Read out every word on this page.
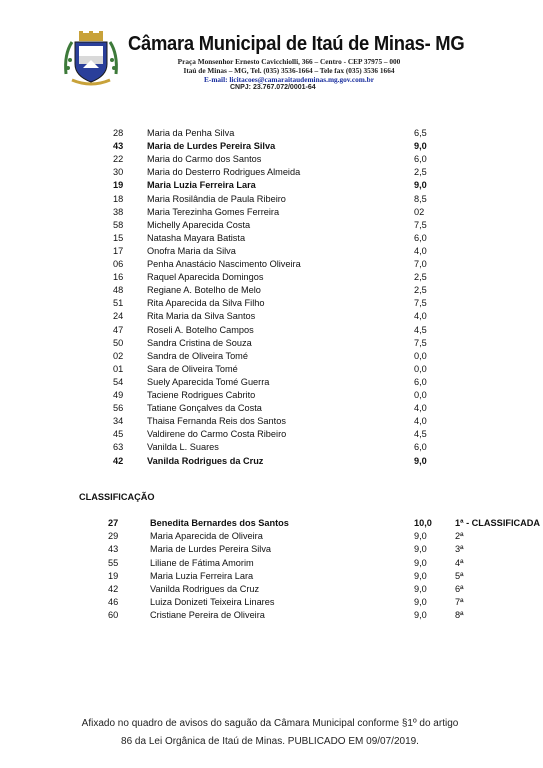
Câmara Municipal de Itaú de Minas- MG
Praça Monsenhor Ernesto Cavicchiolli, 366 – Centro - CEP 37975 – 000
Itaú de Minas – MG, Tel. (035) 3536-1664 – Tele fax (035) 3536 1664
E-mail: licitacoes@camaraitaudeminas.mg.gov.com.br
CNPJ: 23.767.072/0001-64
28	Maria da Penha Silva	6,5
43	Maria de Lurdes Pereira Silva	9,0
22	Maria do Carmo dos Santos	6,0
30	Maria do Desterro Rodrigues Almeida	2,5
19	Maria Luzia Ferreira Lara	9,0
18	Maria Rosilândia de Paula Ribeiro	8,5
38	Maria Terezinha Gomes Ferreira	02
58	Michelly Aparecida Costa	7,5
15	Natasha Mayara Batista	6,0
17	Onofra Maria da Silva	4,0
06	Penha Anastácio Nascimento Oliveira	7,0
16	Raquel Aparecida Domingos	2,5
48	Regiane A. Botelho de Melo	2,5
51	Rita Aparecida da Silva Filho	7,5
24	Rita Maria da Silva Santos	4,0
47	Roseli A. Botelho Campos	4,5
50	Sandra Cristina de Souza	7,5
02	Sandra de Oliveira Tomé	0,0
01	Sara de Oliveira Tomé	0,0
54	Suely Aparecida Tomé Guerra	6,0
49	Taciene Rodrigues Cabrito	0,0
56	Tatiane Gonçalves da Costa	4,0
34	Thaisa Fernanda Reis dos Santos	4,0
45	Valdirene do Carmo Costa Ribeiro	4,5
63	Vanilda L. Suares	6,0
42	Vanilda Rodrigues da Cruz	9,0
CLASSIFICAÇÃO
27	Benedita Bernardes dos Santos	10,0	1ª - CLASSIFICADA
29	Maria Aparecida de Oliveira	9,0	2ª
43	Maria de Lurdes Pereira Silva	9,0	3ª
55	Liliane de Fátima Amorim	9,0	4ª
19	Maria Luzia Ferreira Lara	9,0	5ª
42	Vanilda Rodrigues da Cruz	9,0	6ª
46	Luiza Donizeti Teixeira Linares	9,0	7ª
60	Cristiane Pereira de Oliveira	9,0	8ª
Afixado no quadro de avisos do saguão da Câmara Municipal conforme §1º do artigo
86 da Lei Orgânica de Itaú de Minas. PUBLICADO EM 09/07/2019.
